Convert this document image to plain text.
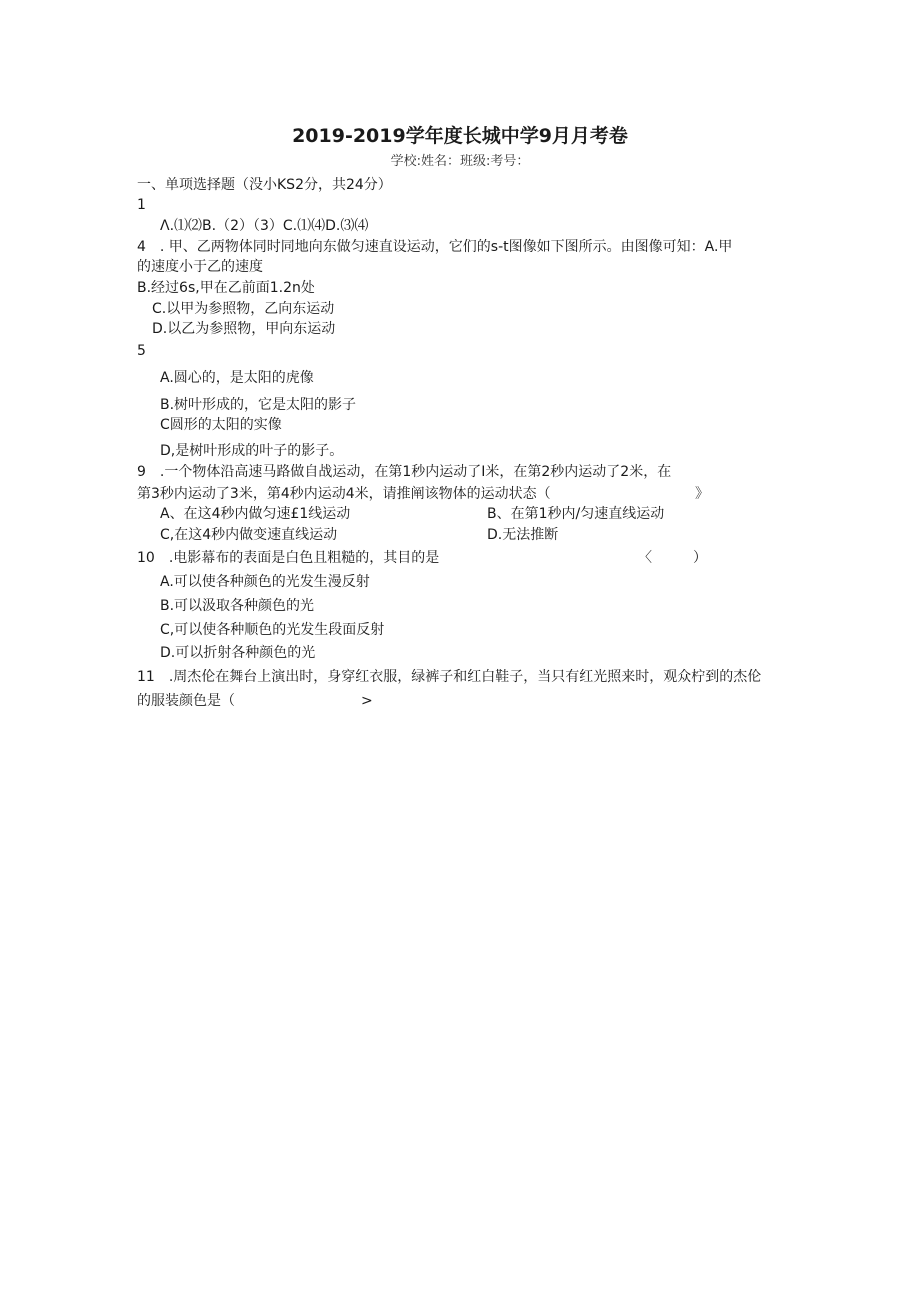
2019-2019学年度长城中学9月月考卷
学校:姓名：班级:考号：
一、单项选择题（没小KS2分，共24分）
1
Λ.⑴⑵B.（2）（3）C.⑴⑷D.⑶⑷
4　. 甲、乙两物体同时同地向东做匀速直设运动，它们的s-t图像如下图所示。由图像可知：A.甲
的速度小于乙的速度
B.经过6s,甲在乙前面1.2n处
C.以甲为参照物，乙向东运动
D.以乙为参照物，甲向东运动
5
A.圆心的，是太阳的虎像
B.树叶形成的，它是太阳的影子
C圆形的太阳的实像
D,是树叶形成的叶子的影子。
9　.一个物体沿高速马路做自战运动，在第1秒内运动了I米，在第2秒内运动了2米，在
第3秒内运动了3米，第4秒内运动4米，请推阐该物体的运动状态（	》
A、在这4秒内做匀速£1线运动	B、在第1秒内/匀速直线运动
C,在这4秒内做变速直线运动	D.无法推断
10　.电影幕布的表面是白色且粗糙的，其目的是	〈	）
A.可以使各种颜色的光发生漫反射
B.可以汲取各种颜色的光
C,可以使各种顺色的光发生段面反射
D.可以折射各种颜色的光
11　.周杰伦在舞台上演出时，身穿红衣服，绿裤子和红白鞋子，当只有红光照来时，观众柠到的杰伦
的服装颜色是（	>
